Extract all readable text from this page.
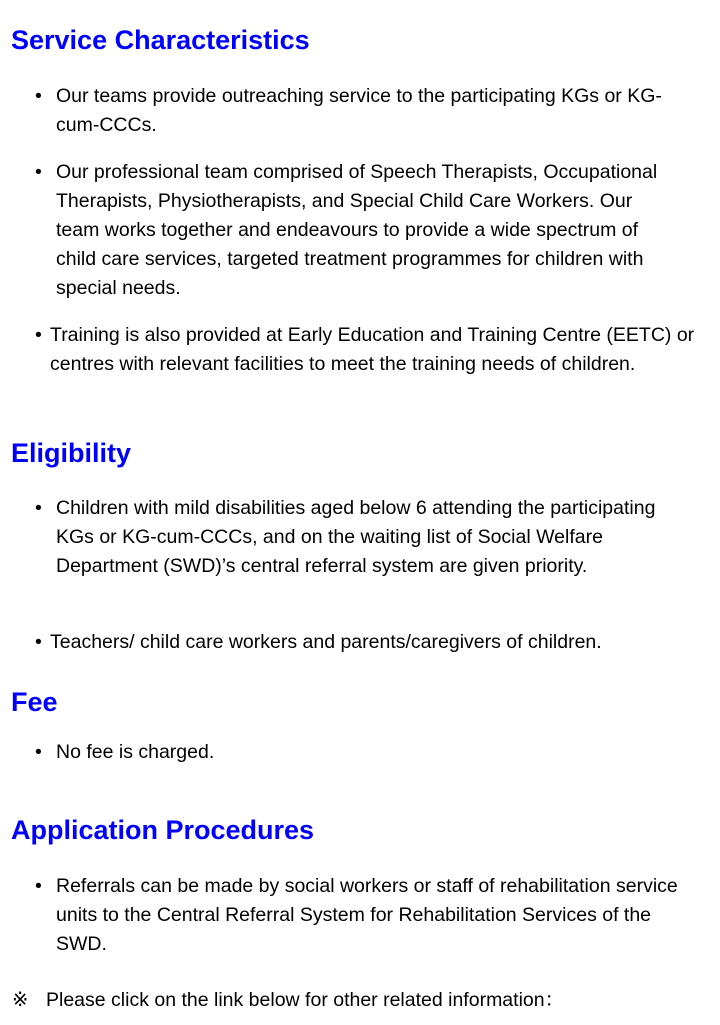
Service Characteristics
• Our teams provide outreaching service to the participating KGs or KG-cum-CCCs.
• Our professional team comprised of Speech Therapists, Occupational Therapists, Physiotherapists, and Special Child Care Workers. Our team works together and endeavours to provide a wide spectrum of child care services, targeted treatment programmes for children with special needs.
• Training is also provided at Early Education and Training Centre (EETC) or centres with relevant facilities to meet the training needs of children.
Eligibility
• Children with mild disabilities aged below 6 attending the participating KGs or KG-cum-CCCs, and on the waiting list of Social Welfare Department (SWD)’s central referral system are given priority.
• Teachers/ child care workers and parents/caregivers of children.
Fee
• No fee is charged.
Application Procedures
• Referrals can be made by social workers or staff of rehabilitation service units to the Central Referral System for Rehabilitation Services of the SWD.
※ Please click on the link below for other related information：
